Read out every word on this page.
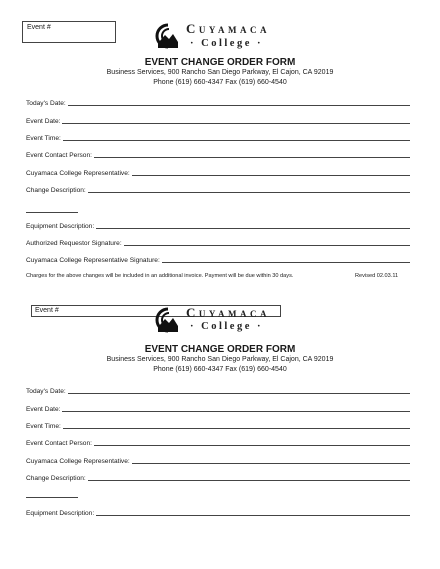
Event #	Cuyamaca
· College ·
EVENT CHANGE ORDER FORM
Business Services, 900 Rancho San Diego Parkway, El Cajon, CA 92019
Phone (619) 660-4347 Fax (619) 660-4540
Today's Date:
Event Date:
Event Time:
Event Contact Person:
Cuyamaca College Representative:
Change Description:
Equipment Description:
Authorized Requestor Signature:
Cuyamaca College Representative Signature:
Charges for the above changes will be included in an additional invoice. Payment will be due within 30 days.	Revised 02.03.11
Event #	Cuyamaca
· College ·
EVENT CHANGE ORDER FORM
Business Services, 900 Rancho San Diego Parkway, El Cajon, CA 92019
Phone (619) 660-4347 Fax (619) 660-4540
Today's Date:
Event Date:
Event Time:
Event Contact Person:
Cuyamaca College Representative:
Change Description:
Equipment Description:
